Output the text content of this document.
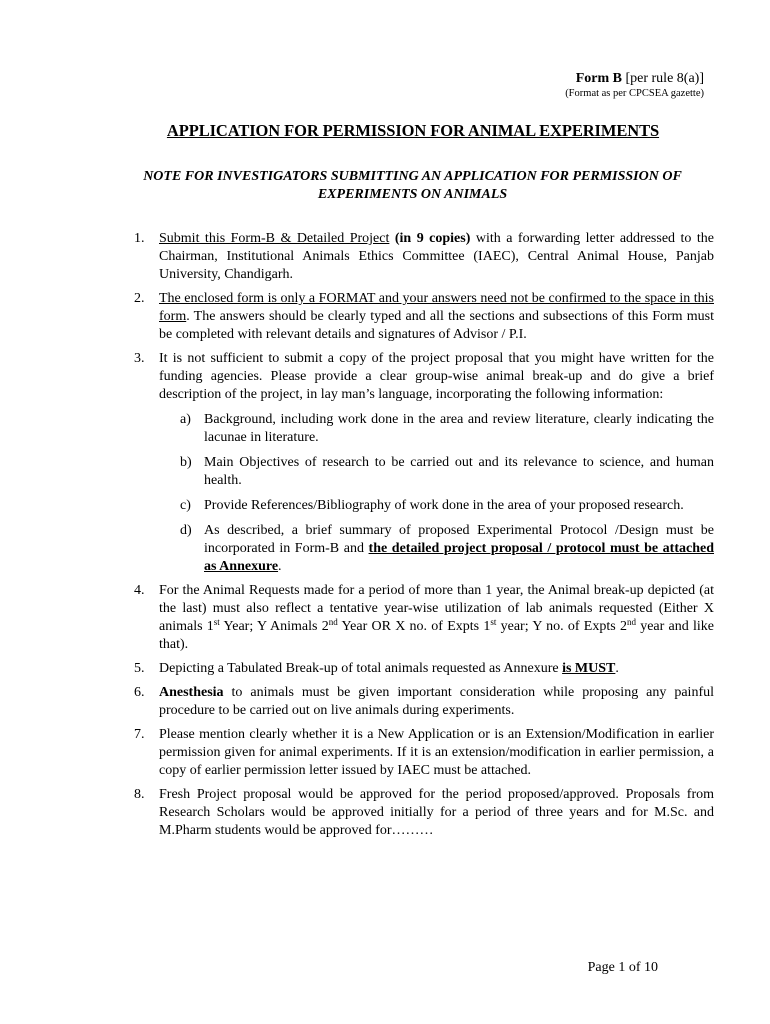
Form B [per rule 8(a)]
(Format as per CPCSEA gazette)
APPLICATION FOR PERMISSION FOR ANIMAL EXPERIMENTS
NOTE FOR INVESTIGATORS SUBMITTING AN APPLICATION FOR PERMISSION OF
EXPERIMENTS ON ANIMALS
1. Submit this Form-B & Detailed Project (in 9 copies) with a forwarding letter addressed to the Chairman, Institutional Animals Ethics Committee (IAEC), Central Animal House, Panjab University, Chandigarh.
2. The enclosed form is only a FORMAT and your answers need not be confirmed to the space in this form. The answers should be clearly typed and all the sections and subsections of this Form must be completed with relevant details and signatures of Advisor / P.I.
3. It is not sufficient to submit a copy of the project proposal that you might have written for the funding agencies. Please provide a clear group-wise animal break-up and do give a brief description of the project, in lay man’s language, incorporating the following information:
a) Background, including work done in the area and review literature, clearly indicating the lacunae in literature.
b) Main Objectives of research to be carried out and its relevance to science, and human health.
c) Provide References/Bibliography of work done in the area of your proposed research.
d) As described, a brief summary of proposed Experimental Protocol /Design must be incorporated in Form-B and the detailed project proposal / protocol must be attached as Annexure.
4. For the Animal Requests made for a period of more than 1 year, the Animal break-up depicted (at the last) must also reflect a tentative year-wise utilization of lab animals requested (Either X animals 1st Year; Y Animals 2nd Year OR X no. of Expts 1st year; Y no. of Expts 2nd year and like that).
5. Depicting a Tabulated Break-up of total animals requested as Annexure is MUST.
6. Anesthesia to animals must be given important consideration while proposing any painful procedure to be carried out on live animals during experiments.
7. Please mention clearly whether it is a New Application or is an Extension/Modification in earlier permission given for animal experiments. If it is an extension/modification in earlier permission, a copy of earlier permission letter issued by IAEC must be attached.
8. Fresh Project proposal would be approved for the period proposed/approved. Proposals from Research Scholars would be approved initially for a period of three years and for M.Sc. and M.Pharm students would be approved for………
Page 1 of 10
